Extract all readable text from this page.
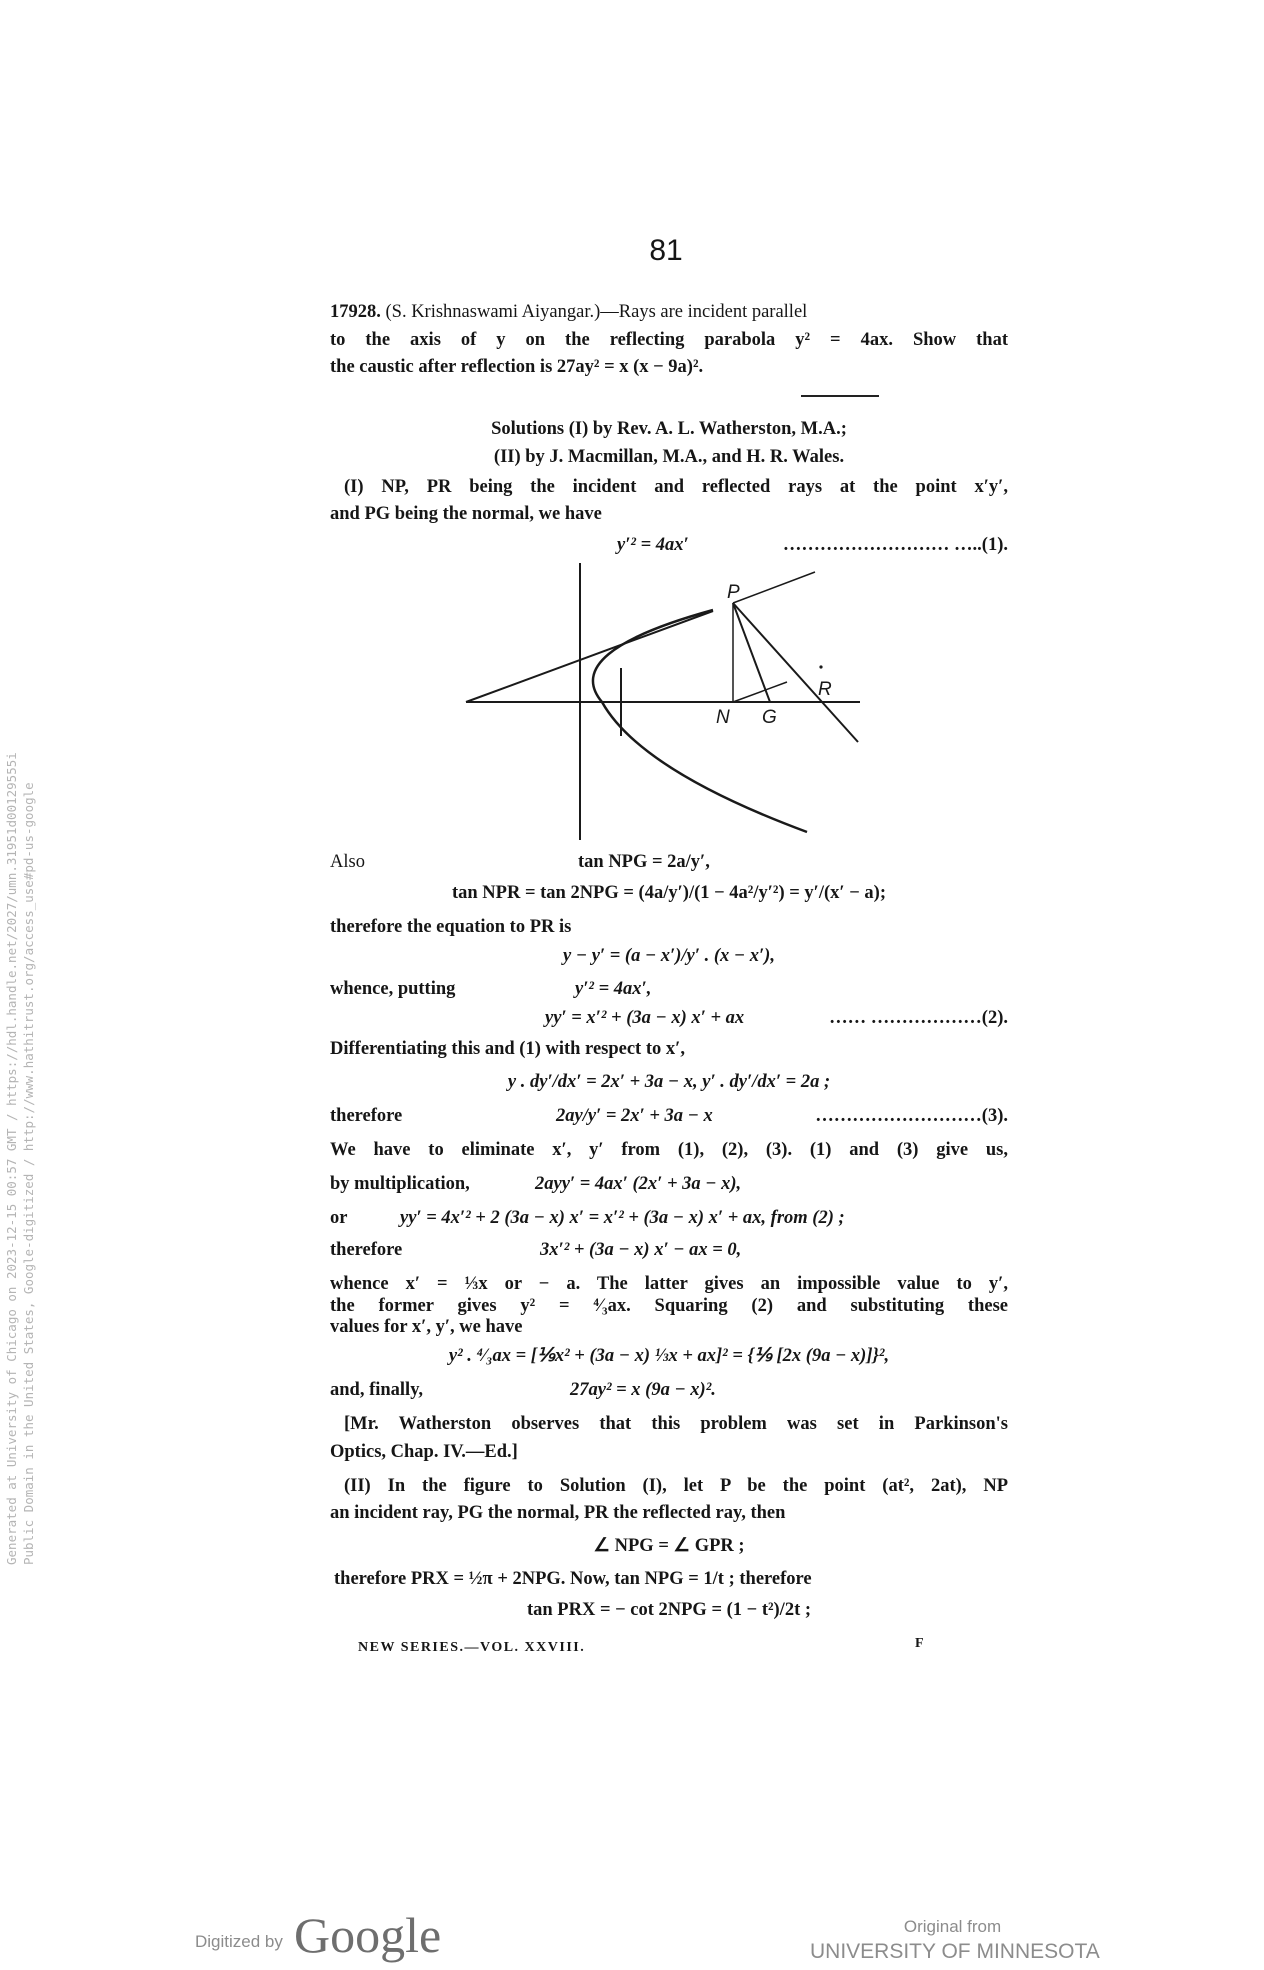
81
17928. (S. Krishnaswami Aiyangar.)—Rays are incident parallel
to the axis of y on the reflecting parabola y² = 4ax. Show that
the caustic after reflection is 27ay² = x (x − 9a)².
Solutions (I) by Rev. A. L. Watherston, M.A.;
(II) by J. Macmillan, M.A., and H. R. Wales.
(I) NP, PR being the incident and reflected rays at the point x′y′,
and PG being the normal, we have
y′² = 4ax′	……………………… …..(1).
P
R
N G
Also	tan NPG = 2a/y′,
tan NPR = tan 2NPG = (4a/y′)/(1 − 4a²/y′²) = y′/(x′ − a);
therefore the equation to PR is
y − y′ = (a − x′)/y′ . (x − x′),
whence, putting	y′² = 4ax′,
yy′ = x′² + (3a − x) x′ + ax	…… ………………(2).
Differentiating this and (1) with respect to x′,
y . dy′/dx′ = 2x′ + 3a − x, y′ . dy′/dx′ = 2a ;
therefore	2ay/y′ = 2x′ + 3a − x	………………………(3).
We have to eliminate x′, y′ from (1), (2), (3). (1) and (3) give us,
by multiplication,	2ayy′ = 4ax′ (2x′ + 3a − x),
or	yy′ = 4x′² + 2 (3a − x) x′ = x′² + (3a − x) x′ + ax, from (2) ;
therefore	3x′² + (3a − x) x′ − ax = 0,
whence x′ = ⅓x or − a. The latter gives an impossible value to y′,
the former gives y² = ⁴⁄₃ax. Squaring (2) and substituting these
values for x′, y′, we have
y² . ⁴⁄₃ax = [⅑x² + (3a − x) ⅓x + ax]² = {⅑ [2x (9a − x)]}²,
and, finally,	27ay² = x (9a − x)².
[Mr. Watherston observes that this problem was set in Parkinson's
Optics, Chap. IV.—Ed.]
(II) In the figure to Solution (I), let P be the point (at², 2at), NP
an incident ray, PG the normal, PR the reflected ray, then
∠ NPG = ∠ GPR ;
therefore PRX = ½π + 2NPG. Now, tan NPG = 1/t ; therefore
tan PRX = − cot 2NPG = (1 − t²)/2t ;
NEW SERIES.—VOL. XXVIII.	F
Generated at University of Chicago on 2023-12-15 00:57 GMT / https://hdl.handle.net/2027/umn.31951d00129555i Public Domain in the United States, Google-digitized / http://www.hathitrust.org/access_use#pd-us-google
Digitized by Google	Original from
UNIVERSITY OF MINNESOTA
